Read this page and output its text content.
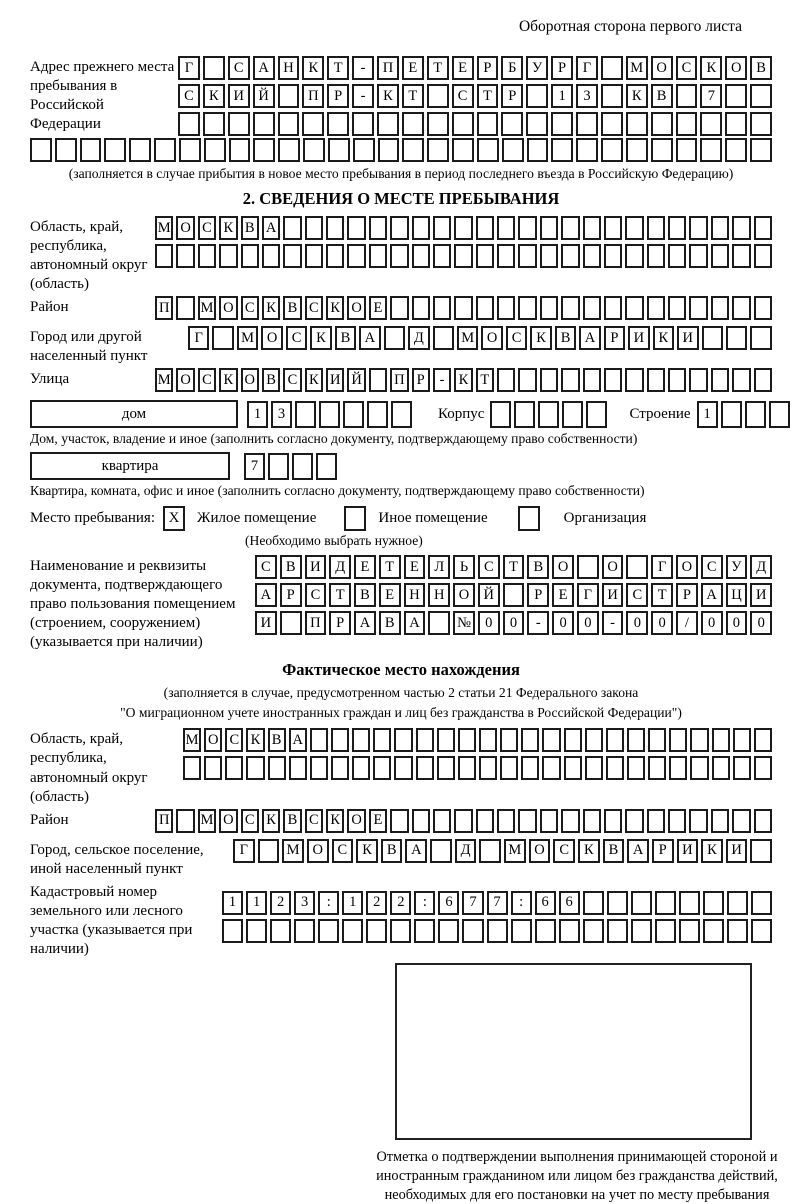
Оборотная сторона первого листа
Адрес прежнего места пребывания в Российской Федерации
Г	С	А Н	К	Т	-	П	Е	Т	Е	Р	Б	У	Р	Г	М О	С	К	О	В
С	К	И Й	П	Р	-	К	Т	С	Т	Р	1	3	К	В	7
(заполняется в случае прибытия в новое место пребывания в период последнего въезда в Российскую Федерацию)
2. СВЕДЕНИЯ О МЕСТЕ ПРЕБЫВАНИЯ
Область, край, республика, автономный округ (область)
М О С К В А
Район	П М О С К В С К О Е
Город или другой населенный пункт
Г	М О С	К	В А	Д	М О С	К	В А	Р	И К И
Улица	М О С К О В С К И Й П Р	- К Т
дом	1	3	Корпус	Строение 1
Дом, участок, владение и иное (заполнить согласно документу, подтверждающему право собственности)
квартира	7
Квартира, комната, офис и иное (заполнить согласно документу, подтверждающему право собственности)
Место пребывания: X	Жилое помещение	Иное помещение	Организация
(Необходимо выбрать нужное)
Наименование и реквизиты документа, подтверждающего право пользования помещением (строением, сооружением) (указывается при наличии)
С	В	И	Д	Е	Т	Е	Л	Ь	С	Т	В	О	О	Г	О	С	У	Д
А	Р	С	Т	В	Е	Н Н О Й	Р	Е	Г	И	С	Т	Р	А Ц И
И	П	Р	А	В	А	№ 0	0	-	0	0	-	0	0	/	0	0	0
Фактическое место нахождения
(заполняется в случае, предусмотренном частью 2 статьи 21 Федерального закона
"О миграционном учете иностранных граждан и лиц без гражданства в Российской Федерации")
Область, край, республика, автономный округ (область)
М О С К В А
Район	П М О С К В С К О Е
Город, сельское поселение, иной населенный пункт
Г	М О	С	К	В	А	Д	М О	С	К	В	А	Р	И	К	И
Кадастровый номер земельного или лесного участка (указывается при наличии)
1	1	2	3	:	1	2	2	:	6	7	7	:	6	6
Отметка о подтверждении выполнения принимающей стороной и иностранным гражданином или лицом без гражданства действий, необходимых для его постановки на учет по месту пребывания
